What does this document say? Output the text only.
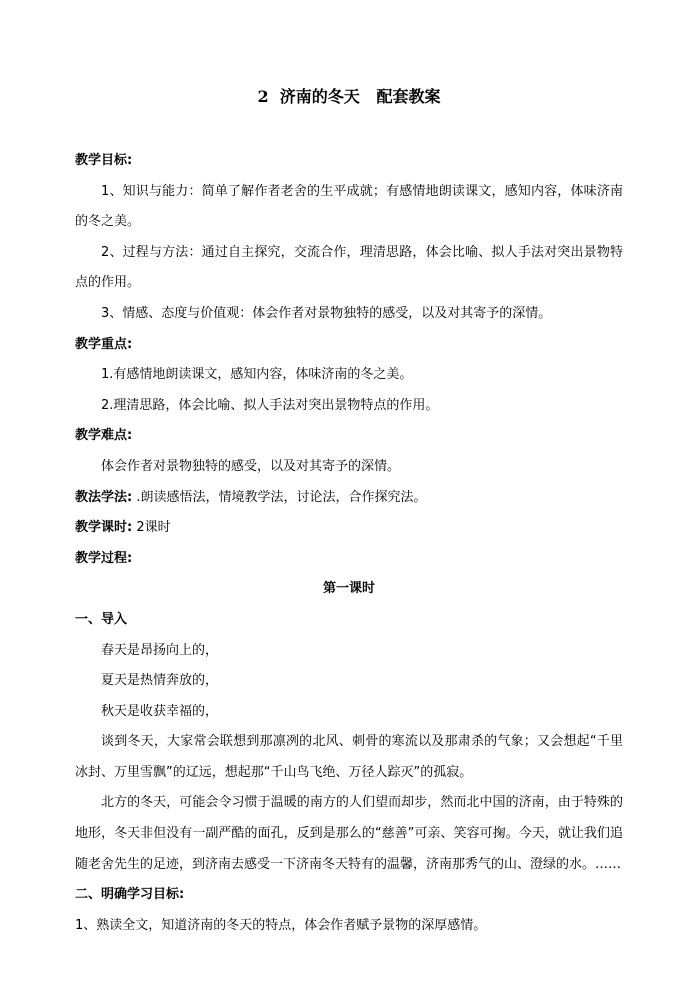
2  济南的冬天   配套教案

教学目标:

1、知识与能力：简单了解作者老舍的生平成就；有感情地朗读课文，感知内容，体味济南的冬之美。

2、过程与方法：通过自主探究，交流合作，理清思路，体会比喻、拟人手法对突出景物特点的作用。

3、情感、态度与价值观：体会作者对景物独特的感受，以及对其寄予的深情。

教学重点:

1.有感情地朗读课文，感知内容，体味济南的冬之美。

2.理清思路，体会比喻、拟人手法对突出景物特点的作用。

教学难点:

体会作者对景物独特的感受，以及对其寄予的深情。

教法学法: .朗读感悟法，情境教学法，讨论法，合作探究法。

教学课时: 2课时

教学过程:

第一课时

一、导入

春天是昂扬向上的，

夏天是热情奔放的，

秋天是收获幸福的，

谈到冬天，大家常会联想到那凛冽的北风、刺骨的寒流以及那肃杀的气象；又会想起“千里冰封、万里雪飘”的辽远，想起那“千山鸟飞绝、万径人踪灭”的孤寂。

北方的冬天，可能会令习惯于温暖的南方的人们望而却步，然而北中国的济南，由于特殊的地形，冬天非但没有一副严酷的面孔，反到是那么的“慈善”可亲、笑容可掬。今天，就让我们追随老舍先生的足迹，到济南去感受一下济南冬天特有的温馨，济南那秀气的山、澄绿的水。……

二、明确学习目标:

1、熟读全文，知道济南的冬天的特点，体会作者赋予景物的深厚感情。
